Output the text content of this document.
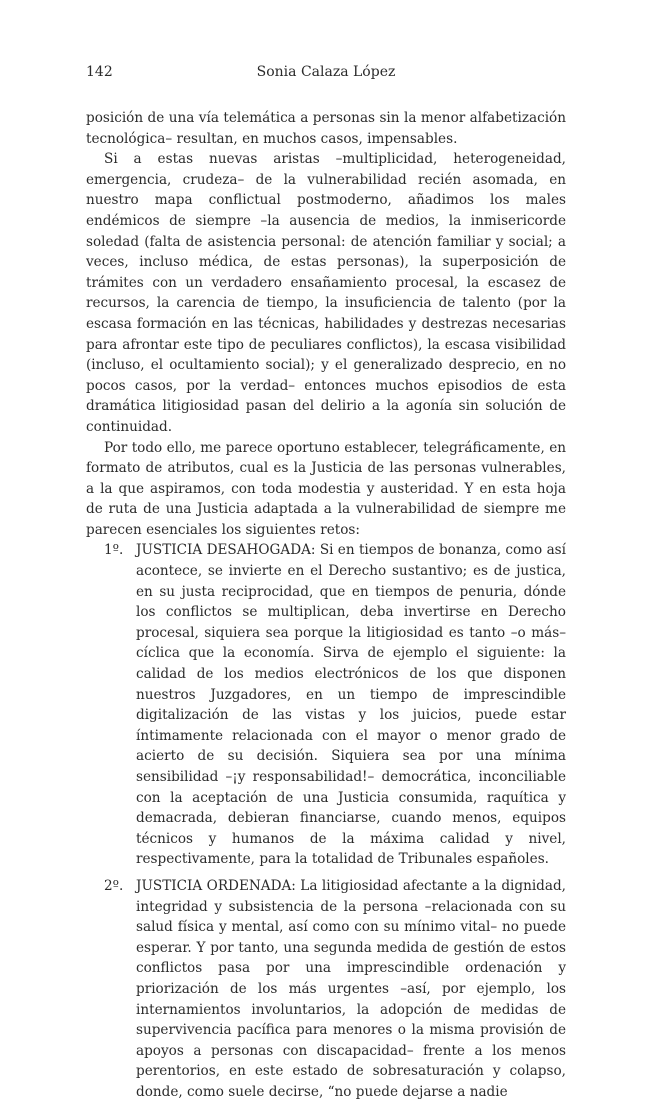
142	Sonia Calaza López

posición de una vía telemática a personas sin la menor alfabetización tecnológica– resultan, en muchos casos, impensables.

Si a estas nuevas aristas –multiplicidad, heterogeneidad, emergencia, crudeza– de la vulnerabilidad recién asomada, en nuestro mapa conflictual postmoderno, añadimos los males endémicos de siempre –la ausencia de medios, la inmisericorde soledad (falta de asistencia personal: de atención familiar y social; a veces, incluso médica, de estas personas), la superposición de trámites con un verdadero ensañamiento procesal, la escasez de recursos, la carencia de tiempo, la insuficiencia de talento (por la escasa formación en las técnicas, habilidades y destrezas necesarias para afrontar este tipo de peculiares conflictos), la escasa visibilidad (incluso, el ocultamiento social); y el generalizado desprecio, en no pocos casos, por la verdad– entonces muchos episodios de esta dramática litigiosidad pasan del delirio a la agonía sin solución de continuidad.

Por todo ello, me parece oportuno establecer, telegráficamente, en formato de atributos, cual es la Justicia de las personas vulnerables, a la que aspiramos, con toda modestia y austeridad. Y en esta hoja de ruta de una Justicia adaptada a la vulnerabilidad de siempre me parecen esenciales los siguientes retos:

1º. JUSTICIA DESAHOGADA: Si en tiempos de bonanza, como así acontece, se invierte en el Derecho sustantivo; es de justica, en su justa reciprocidad, que en tiempos de penuria, dónde los conflictos se multiplican, deba invertirse en Derecho procesal, siquiera sea porque la litigiosidad es tanto –o más– cíclica que la economía. Sirva de ejemplo el siguiente: la calidad de los medios electrónicos de los que disponen nuestros Juzgadores, en un tiempo de imprescindible digitalización de las vistas y los juicios, puede estar íntimamente relacionada con el mayor o menor grado de acierto de su decisión. Siquiera sea por una mínima sensibilidad –¡y responsabilidad!– democrática, inconciliable con la aceptación de una Justicia consumida, raquítica y demacrada, debieran financiarse, cuando menos, equipos técnicos y humanos de la máxima calidad y nivel, respectivamente, para la totalidad de Tribunales españoles.
2º. JUSTICIA ORDENADA: La litigiosidad afectante a la dignidad, integridad y subsistencia de la persona –relacionada con su salud física y mental, así como con su mínimo vital– no puede esperar. Y por tanto, una segunda medida de gestión de estos conflictos pasa por una imprescindible ordenación y priorización de los más urgentes –así, por ejemplo, los internamientos involuntarios, la adopción de medidas de supervivencia pacífica para menores o la misma provisión de apoyos a personas con discapacidad– frente a los menos perentorios, en este estado de sobresaturación y colapso, donde, como suele decirse, “no puede dejarse a nadie
